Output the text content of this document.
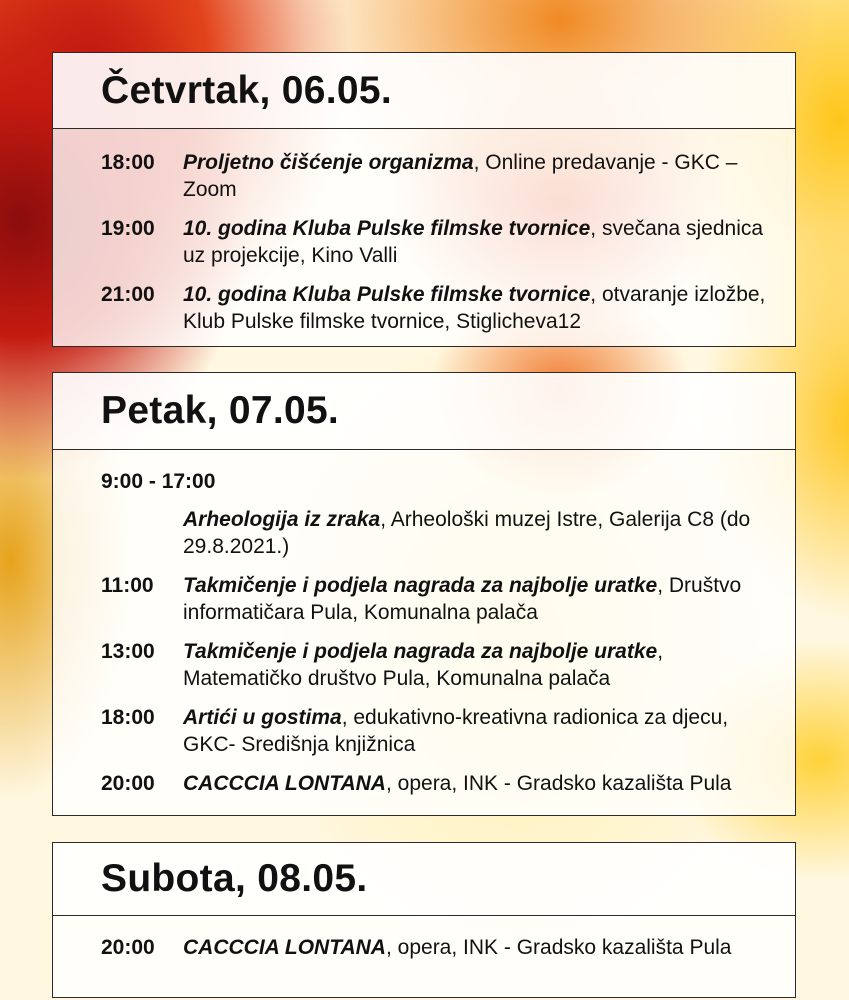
Četvrtak, 06.05.
18:00	Proljetno čišćenje organizma, Online predavanje - GKC – Zoom
19:00	10. godina Kluba Pulske filmske tvornice, svečana sjednica uz projekcije, Kino Valli
21:00	10. godina Kluba Pulske filmske tvornice, otvaranje izložbe, Klub Pulske filmske tvornice, Stiglicheva12
Petak, 07.05.
9:00 - 17:00
Arheologija iz zraka, Arheološki muzej Istre, Galerija C8 (do 29.8.2021.)
11:00	Takmičenje i podjela nagrada za najbolje uratke, Društvo informatičara Pula, Komunalna palača
13:00	Takmičenje i podjela nagrada za najbolje uratke, Matematičko društvo Pula, Komunalna palača
18:00	Artići u gostima, edukativno-kreativna radionica za djecu, GKC- Središnja knjižnica
20:00	CACCCIA LONTANA, opera, INK - Gradsko kazališta Pula
Subota, 08.05.
20:00	CACCCIA LONTANA, opera, INK - Gradsko kazališta Pula
